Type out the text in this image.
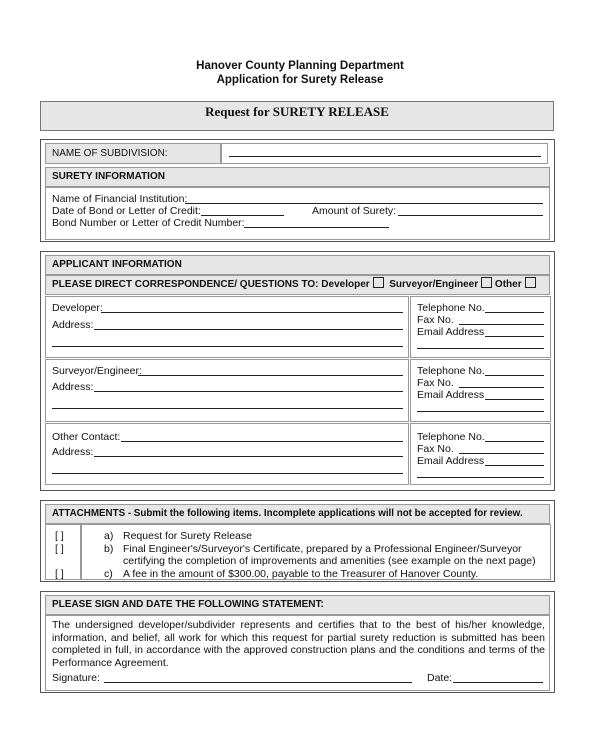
Hanover County Planning Department
Application for Surety Release
Request for SURETY RELEASE
NAME OF SUBDIVISION:
SURETY INFORMATION
Name of Financial Institution:
Date of Bond or Letter of Credit:	Amount of Surety:
Bond Number or Letter of Credit Number:
APPLICANT INFORMATION
PLEASE DIRECT CORRESPONDENCE/ QUESTIONS TO: Developer Surveyor/Engineer Other
Developer:
Address:
Telephone No.
Fax No.
Email Address
Surveyor/Engineer:
Address:
Telephone No.
Fax No.
Email Address
Other Contact:
Address:
Telephone No.
Fax No.
Email Address
ATTACHMENTS - Submit the following items. Incomplete applications will not be accepted for review.
[ ]
[ ]
[ ]
a) Request for Surety Release
b) Final Engineer's/Surveyor's Certificate, prepared by a Professional Engineer/Surveyor
certifying the completion of improvements and amenities (see example on the next page)
c) A fee in the amount of $300.00, payable to the Treasurer of Hanover County.
PLEASE SIGN AND DATE THE FOLLOWING STATEMENT:
The undersigned developer/subdivider represents and certifies that to the best of his/her knowledge, information, and belief, all work for which this request for partial surety reduction is submitted has been completed in full, in accordance with the approved construction plans and the conditions and terms of the Performance Agreement.
Signature:	Date:
